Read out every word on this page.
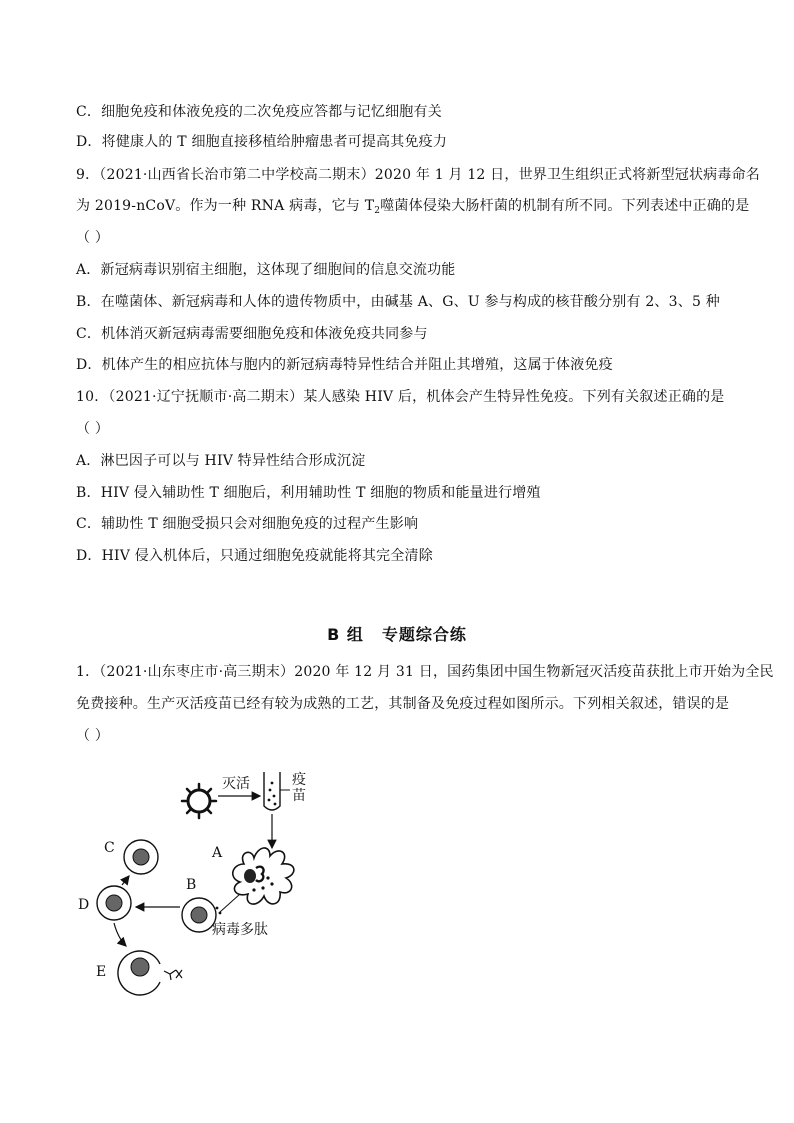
C．细胞免疫和体液免疫的二次免疫应答都与记忆细胞有关
D．将健康人的 T 细胞直接移植给肿瘤患者可提高其免疫力
9．（2021·山西省长治市第二中学校高二期末）2020 年 1 月 12 日，世界卫生组织正式将新型冠状病毒命名
为 2019-nCoV。作为一种 RNA 病毒，它与 $T_2$噬菌体侵染大肠杆菌的机制有所不同。下列表述中正确的是
（ ）
A．新冠病毒识别宿主细胞，这体现了细胞间的信息交流功能
B．在噬菌体、新冠病毒和人体的遗传物质中，由碱基 A、G、U 参与构成的核苷酸分别有 2、3、5 种
C．机体消灭新冠病毒需要细胞免疫和体液免疫共同参与
D．机体产生的相应抗体与胞内的新冠病毒特异性结合并阻止其增殖，这属于体液免疫
10．（2021·辽宁抚顺市·高二期末）某人感染 HIV 后，机体会产生特异性免疫。下列有关叙述正确的是
（ ）
A．淋巴因子可以与 HIV 特异性结合形成沉淀
B．HIV 侵入辅助性 T 细胞后，利用辅助性 T 细胞的物质和能量进行增殖
C．辅助性 T 细胞受损只会对细胞免疫的过程产生影响
D．HIV 侵入机体后，只通过细胞免疫就能将其完全清除
B 组 专题综合练
1．（2021·山东枣庄市·高三期末）2020 年 12 月 31 日，国药集团中国生物新冠灭活疫苗获批上市开始为全民
免费接种。生产灭活疫苗已经有较为成熟的工艺，其制备及免疫过程如图所示。下列相关叙述，错误的是
（ ）
灭活	疫
苗
A
B
病毒多肽
D
C
E
